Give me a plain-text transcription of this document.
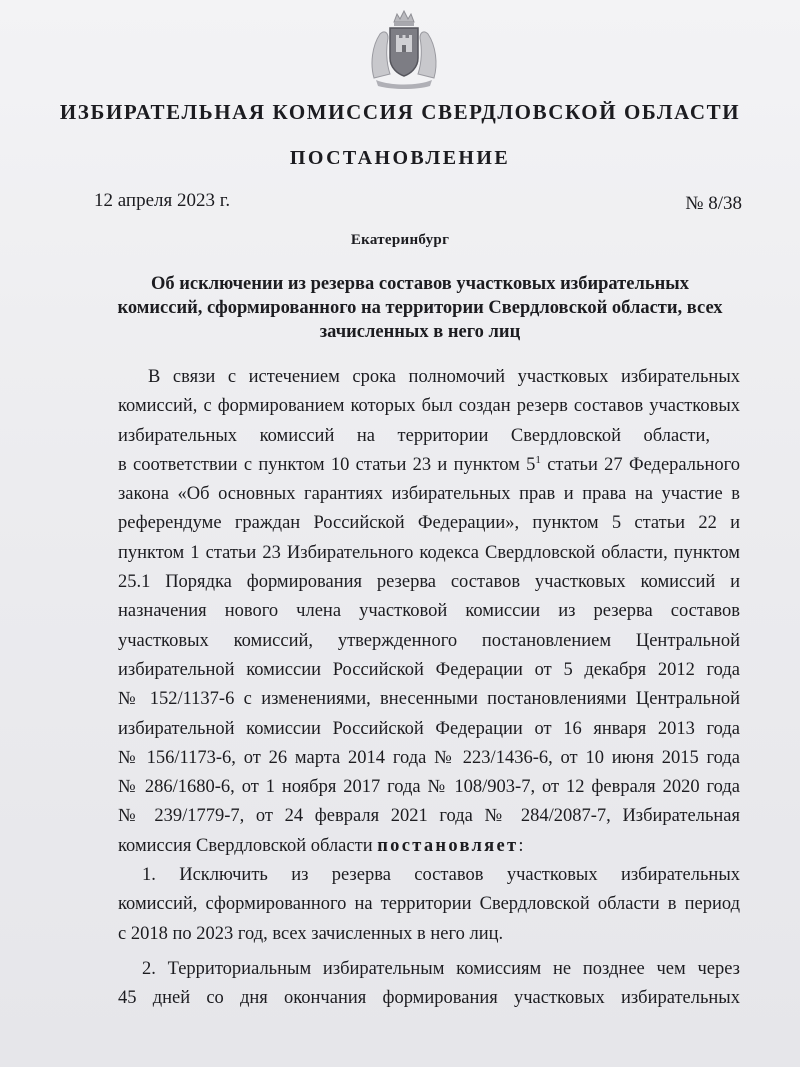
ИЗБИРАТЕЛЬНАЯ КОМИССИЯ СВЕРДЛОВСКОЙ ОБЛАСТИ
ПОСТАНОВЛЕНИЕ
12 апреля 2023 г.	№ 8/38
Екатеринбург
Об исключении из резерва составов участковых избирательных
комиссий, сформированного на территории Свердловской области, всех
зачисленных в него лиц
В связи с истечением срока полномочий участковых избирательных
комиссий, с формированием которых был создан резерв составов участковых
избирательных комиссий на территории Свердловской области,
в соответствии с пунктом 10 статьи 23 и пунктом $5^1$ статьи 27 Федерального
закона «Об основных гарантиях избирательных прав и права на участие в
референдуме граждан Российской Федерации», пунктом 5 статьи 22 и
пунктом 1 статьи 23 Избирательного кодекса Свердловской области, пунктом
25.1 Порядка формирования резерва составов участковых комиссий и
назначения нового члена участковой комиссии из резерва составов
участковых комиссий, утвержденного постановлением Центральной
избирательной комиссии Российской Федерации от 5 декабря 2012 года
№ 152/1137-6 с изменениями, внесенными постановлениями Центральной
избирательной комиссии Российской Федерации от 16 января 2013 года
№ 156/1173-6, от 26 марта 2014 года № 223/1436-6, от 10 июня 2015 года
№ 286/1680-6, от 1 ноября 2017 года № 108/903-7, от 12 февраля 2020 года
№ 239/1779-7, от 24 февраля 2021 года № 284/2087-7, Избирательная
комиссия Свердловской области постановляет:
1. Исключить из резерва составов участковых избирательных
комиссий, сформированного на территории Свердловской области в период
с 2018 по 2023 год, всех зачисленных в него лиц.
2. Территориальным избирательным комиссиям не позднее чем через
45 дней со дня окончания формирования участковых избирательных
